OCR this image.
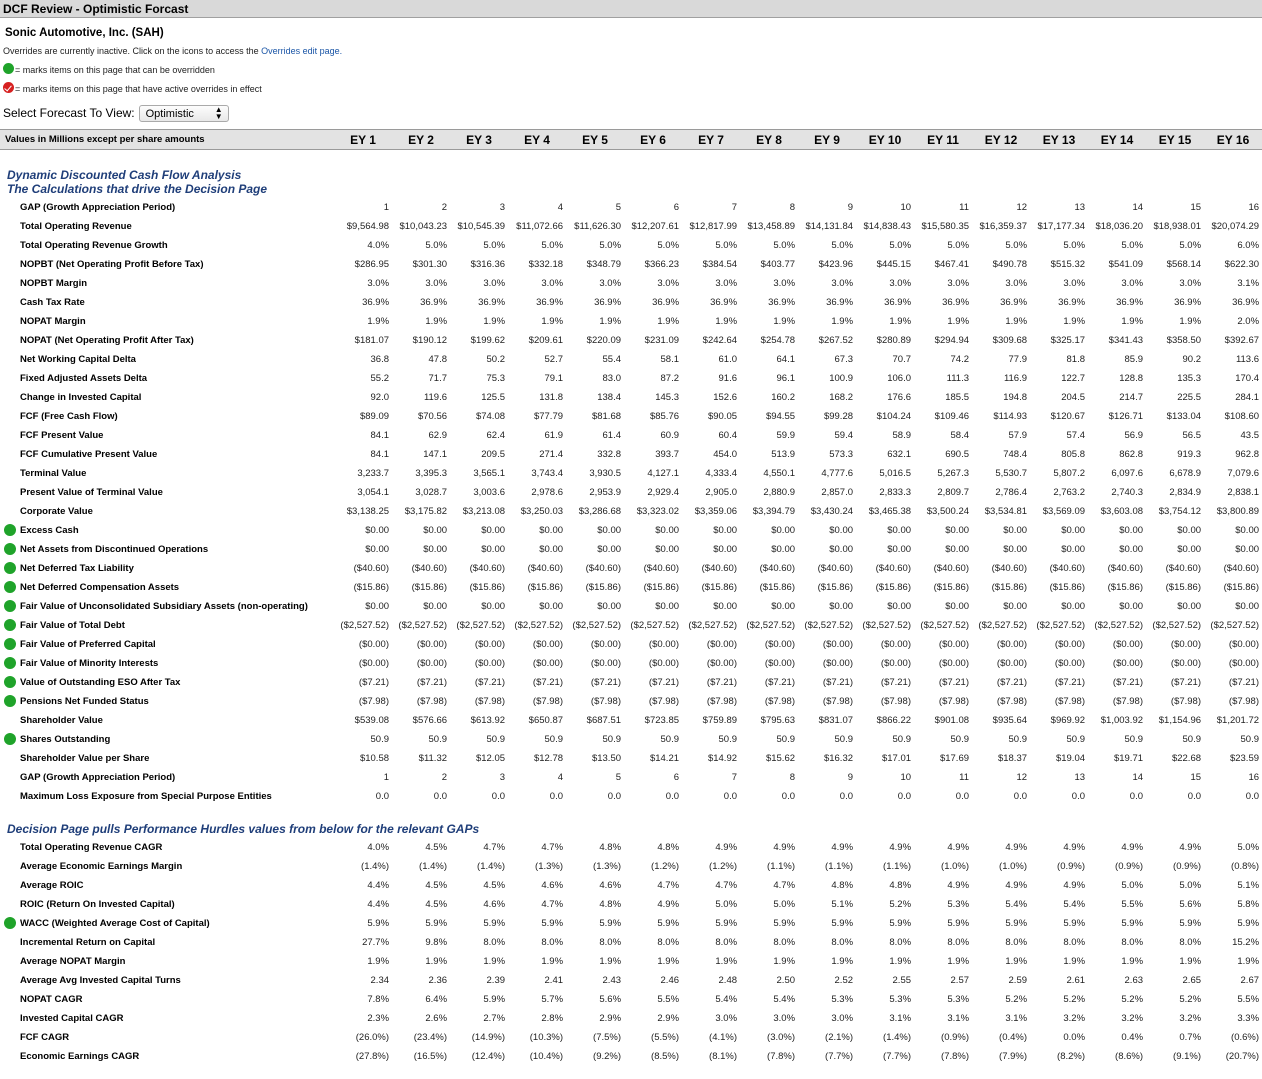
DCF Review - Optimistic Forcast
Sonic Automotive, Inc. (SAH)
Overrides are currently inactive. Click on the icons to access the Overrides edit page.
= marks items on this page that can be overridden
= marks items on this page that have active overrides in effect
Select Forecast To View:	Optimistic	▲
▼
Values in Millions except per share amounts		EY 1	EY 2	EY 3	EY 4	EY 5	EY 6	EY 7	EY 8	EY 9	EY 10	EY 11	EY 12	EY 13	EY 14	EY 15	EY 16

Dynamic Discounted Cash Flow Analysis																	
The Calculations that drive the Decision Page																	
	GAP (Growth Appreciation Period)	1	2	3	4	5	6	7	8	9	10	11	12	13	14	15	16
	Total Operating Revenue	$9,564.98	$10,043.23	$10,545.39	$11,072.66	$11,626.30	$12,207.61	$12,817.99	$13,458.89	$14,131.84	$14,838.43	$15,580.35	$16,359.37	$17,177.34	$18,036.20	$18,938.01	$20,074.29
	Total Operating Revenue Growth	4.0%	5.0%	5.0%	5.0%	5.0%	5.0%	5.0%	5.0%	5.0%	5.0%	5.0%	5.0%	5.0%	5.0%	5.0%	6.0%
	NOPBT (Net Operating Profit Before Tax)	$286.95	$301.30	$316.36	$332.18	$348.79	$366.23	$384.54	$403.77	$423.96	$445.15	$467.41	$490.78	$515.32	$541.09	$568.14	$622.30
	NOPBT Margin	3.0%	3.0%	3.0%	3.0%	3.0%	3.0%	3.0%	3.0%	3.0%	3.0%	3.0%	3.0%	3.0%	3.0%	3.0%	3.1%
	Cash Tax Rate	36.9%	36.9%	36.9%	36.9%	36.9%	36.9%	36.9%	36.9%	36.9%	36.9%	36.9%	36.9%	36.9%	36.9%	36.9%	36.9%
	NOPAT Margin	1.9%	1.9%	1.9%	1.9%	1.9%	1.9%	1.9%	1.9%	1.9%	1.9%	1.9%	1.9%	1.9%	1.9%	1.9%	2.0%
	NOPAT (Net Operating Profit After Tax)	$181.07	$190.12	$199.62	$209.61	$220.09	$231.09	$242.64	$254.78	$267.52	$280.89	$294.94	$309.68	$325.17	$341.43	$358.50	$392.67
	Net Working Capital Delta	36.8	47.8	50.2	52.7	55.4	58.1	61.0	64.1	67.3	70.7	74.2	77.9	81.8	85.9	90.2	113.6
	Fixed Adjusted Assets Delta	55.2	71.7	75.3	79.1	83.0	87.2	91.6	96.1	100.9	106.0	111.3	116.9	122.7	128.8	135.3	170.4
	Change in Invested Capital	92.0	119.6	125.5	131.8	138.4	145.3	152.6	160.2	168.2	176.6	185.5	194.8	204.5	214.7	225.5	284.1
	FCF (Free Cash Flow)	$89.09	$70.56	$74.08	$77.79	$81.68	$85.76	$90.05	$94.55	$99.28	$104.24	$109.46	$114.93	$120.67	$126.71	$133.04	$108.60
	FCF Present Value	84.1	62.9	62.4	61.9	61.4	60.9	60.4	59.9	59.4	58.9	58.4	57.9	57.4	56.9	56.5	43.5
	FCF Cumulative Present Value	84.1	147.1	209.5	271.4	332.8	393.7	454.0	513.9	573.3	632.1	690.5	748.4	805.8	862.8	919.3	962.8
	Terminal Value	3,233.7	3,395.3	3,565.1	3,743.4	3,930.5	4,127.1	4,333.4	4,550.1	4,777.6	5,016.5	5,267.3	5,530.7	5,807.2	6,097.6	6,678.9	7,079.6
	Present Value of Terminal Value	3,054.1	3,028.7	3,003.6	2,978.6	2,953.9	2,929.4	2,905.0	2,880.9	2,857.0	2,833.3	2,809.7	2,786.4	2,763.2	2,740.3	2,834.9	2,838.1
	Corporate Value	$3,138.25	$3,175.82	$3,213.08	$3,250.03	$3,286.68	$3,323.02	$3,359.06	$3,394.79	$3,430.24	$3,465.38	$3,500.24	$3,534.81	$3,569.09	$3,603.08	$3,754.12	$3,800.89
	Excess Cash	$0.00	$0.00	$0.00	$0.00	$0.00	$0.00	$0.00	$0.00	$0.00	$0.00	$0.00	$0.00	$0.00	$0.00	$0.00	$0.00
	Net Assets from Discontinued Operations	$0.00	$0.00	$0.00	$0.00	$0.00	$0.00	$0.00	$0.00	$0.00	$0.00	$0.00	$0.00	$0.00	$0.00	$0.00	$0.00
	Net Deferred Tax Liability	($40.60)	($40.60)	($40.60)	($40.60)	($40.60)	($40.60)	($40.60)	($40.60)	($40.60)	($40.60)	($40.60)	($40.60)	($40.60)	($40.60)	($40.60)	($40.60)
	Net Deferred Compensation Assets	($15.86)	($15.86)	($15.86)	($15.86)	($15.86)	($15.86)	($15.86)	($15.86)	($15.86)	($15.86)	($15.86)	($15.86)	($15.86)	($15.86)	($15.86)	($15.86)
	Fair Value of Unconsolidated Subsidiary Assets (non-operating)	$0.00	$0.00	$0.00	$0.00	$0.00	$0.00	$0.00	$0.00	$0.00	$0.00	$0.00	$0.00	$0.00	$0.00	$0.00	$0.00
	Fair Value of Total Debt	($2,527.52)	($2,527.52)	($2,527.52)	($2,527.52)	($2,527.52)	($2,527.52)	($2,527.52)	($2,527.52)	($2,527.52)	($2,527.52)	($2,527.52)	($2,527.52)	($2,527.52)	($2,527.52)	($2,527.52)	($2,527.52)
	Fair Value of Preferred Capital	($0.00)	($0.00)	($0.00)	($0.00)	($0.00)	($0.00)	($0.00)	($0.00)	($0.00)	($0.00)	($0.00)	($0.00)	($0.00)	($0.00)	($0.00)	($0.00)
	Fair Value of Minority Interests	($0.00)	($0.00)	($0.00)	($0.00)	($0.00)	($0.00)	($0.00)	($0.00)	($0.00)	($0.00)	($0.00)	($0.00)	($0.00)	($0.00)	($0.00)	($0.00)
	Value of Outstanding ESO After Tax	($7.21)	($7.21)	($7.21)	($7.21)	($7.21)	($7.21)	($7.21)	($7.21)	($7.21)	($7.21)	($7.21)	($7.21)	($7.21)	($7.21)	($7.21)	($7.21)
	Pensions Net Funded Status	($7.98)	($7.98)	($7.98)	($7.98)	($7.98)	($7.98)	($7.98)	($7.98)	($7.98)	($7.98)	($7.98)	($7.98)	($7.98)	($7.98)	($7.98)	($7.98)
	Shareholder Value	$539.08	$576.66	$613.92	$650.87	$687.51	$723.85	$759.89	$795.63	$831.07	$866.22	$901.08	$935.64	$969.92	$1,003.92	$1,154.96	$1,201.72
	Shares Outstanding	50.9	50.9	50.9	50.9	50.9	50.9	50.9	50.9	50.9	50.9	50.9	50.9	50.9	50.9	50.9	50.9
	Shareholder Value per Share	$10.58	$11.32	$12.05	$12.78	$13.50	$14.21	$14.92	$15.62	$16.32	$17.01	$17.69	$18.37	$19.04	$19.71	$22.68	$23.59
	GAP (Growth Appreciation Period)	1	2	3	4	5	6	7	8	9	10	11	12	13	14	15	16
	Maximum Loss Exposure from Special Purpose Entities	0.0	0.0	0.0	0.0	0.0	0.0	0.0	0.0	0.0	0.0	0.0	0.0	0.0	0.0	0.0	0.0

Decision Page pulls Performance Hurdles values from below for the relevant GAPs																	
	Total Operating Revenue CAGR	4.0%	4.5%	4.7%	4.7%	4.8%	4.8%	4.9%	4.9%	4.9%	4.9%	4.9%	4.9%	4.9%	4.9%	4.9%	5.0%
	Average Economic Earnings Margin	(1.4%)	(1.4%)	(1.4%)	(1.3%)	(1.3%)	(1.2%)	(1.2%)	(1.1%)	(1.1%)	(1.1%)	(1.0%)	(1.0%)	(0.9%)	(0.9%)	(0.9%)	(0.8%)
	Average ROIC	4.4%	4.5%	4.5%	4.6%	4.6%	4.7%	4.7%	4.7%	4.8%	4.8%	4.9%	4.9%	4.9%	5.0%	5.0%	5.1%
	ROIC (Return On Invested Capital)	4.4%	4.5%	4.6%	4.7%	4.8%	4.9%	5.0%	5.0%	5.1%	5.2%	5.3%	5.4%	5.4%	5.5%	5.6%	5.8%
	WACC (Weighted Average Cost of Capital)	5.9%	5.9%	5.9%	5.9%	5.9%	5.9%	5.9%	5.9%	5.9%	5.9%	5.9%	5.9%	5.9%	5.9%	5.9%	5.9%
	Incremental Return on Capital	27.7%	9.8%	8.0%	8.0%	8.0%	8.0%	8.0%	8.0%	8.0%	8.0%	8.0%	8.0%	8.0%	8.0%	8.0%	15.2%
	Average NOPAT Margin	1.9%	1.9%	1.9%	1.9%	1.9%	1.9%	1.9%	1.9%	1.9%	1.9%	1.9%	1.9%	1.9%	1.9%	1.9%	1.9%
	Average Avg Invested Capital Turns	2.34	2.36	2.39	2.41	2.43	2.46	2.48	2.50	2.52	2.55	2.57	2.59	2.61	2.63	2.65	2.67
	NOPAT CAGR	7.8%	6.4%	5.9%	5.7%	5.6%	5.5%	5.4%	5.4%	5.3%	5.3%	5.3%	5.2%	5.2%	5.2%	5.2%	5.5%
	Invested Capital CAGR	2.3%	2.6%	2.7%	2.8%	2.9%	2.9%	3.0%	3.0%	3.0%	3.1%	3.1%	3.1%	3.2%	3.2%	3.2%	3.3%
	FCF CAGR	(26.0%)	(23.4%)	(14.9%)	(10.3%)	(7.5%)	(5.5%)	(4.1%)	(3.0%)	(2.1%)	(1.4%)	(0.9%)	(0.4%)	0.0%	0.4%	0.7%	(0.6%)
	Economic Earnings CAGR	(27.8%)	(16.5%)	(12.4%)	(10.4%)	(9.2%)	(8.5%)	(8.1%)	(7.8%)	(7.7%)	(7.7%)	(7.8%)	(7.9%)	(8.2%)	(8.6%)	(9.1%)	(20.7%)
